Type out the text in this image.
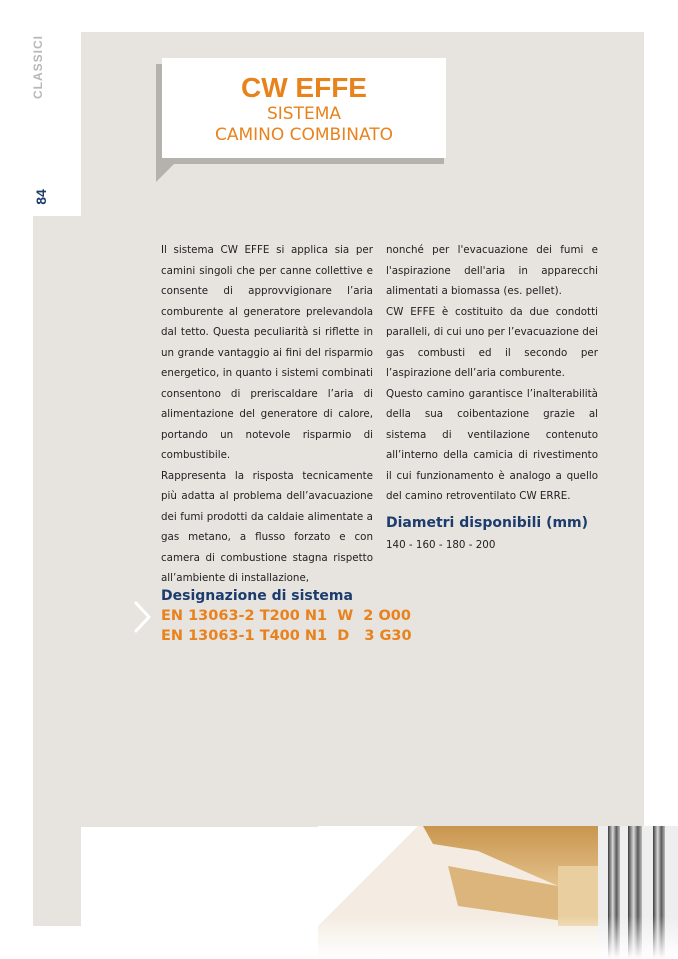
CLASSICI
84
CW EFFE
SISTEMA
CAMINO COMBINATO

Il sistema CW EFFE si applica sia per camini singoli che per canne collettive e consente di approvvigionare l’aria comburente al generatore prelevandola dal tetto. Questa peculiarità si riflette in un grande vantaggio ai fini del risparmio energetico, in quanto i sistemi combinati consentono di preriscaldare l’aria di alimentazione del generatore di calore, portando un notevole risparmio di combustibile.

Rappresenta la risposta tecnicamente più adatta al problema dell’avacuazione dei fumi prodotti da caldaie alimentate a gas metano, a flusso forzato e con camera di combustione stagna rispetto all’ambiente di installazione,

nonché per l'evacuazione dei fumi e l'aspirazione dell'aria in apparecchi alimentati a biomassa (es. pellet).

CW EFFE è costituito da due condotti paralleli, di cui uno per l’evacuazione dei gas combusti ed il secondo per l’aspirazione dell’aria comburente.

Questo camino garantisce l’inalterabilità della sua coibentazione grazie al sistema di ventilazione contenuto all’interno della camicia di rivestimento il cui funzionamento è analogo a quello del camino retroventilato CW ERRE.

Diametri disponibili (mm)
140 - 160 - 180 - 200
Designazione di sistema
EN 13063-2 T200 N1  W  2 O00
EN 13063-1 T400 N1  D   3 G30
